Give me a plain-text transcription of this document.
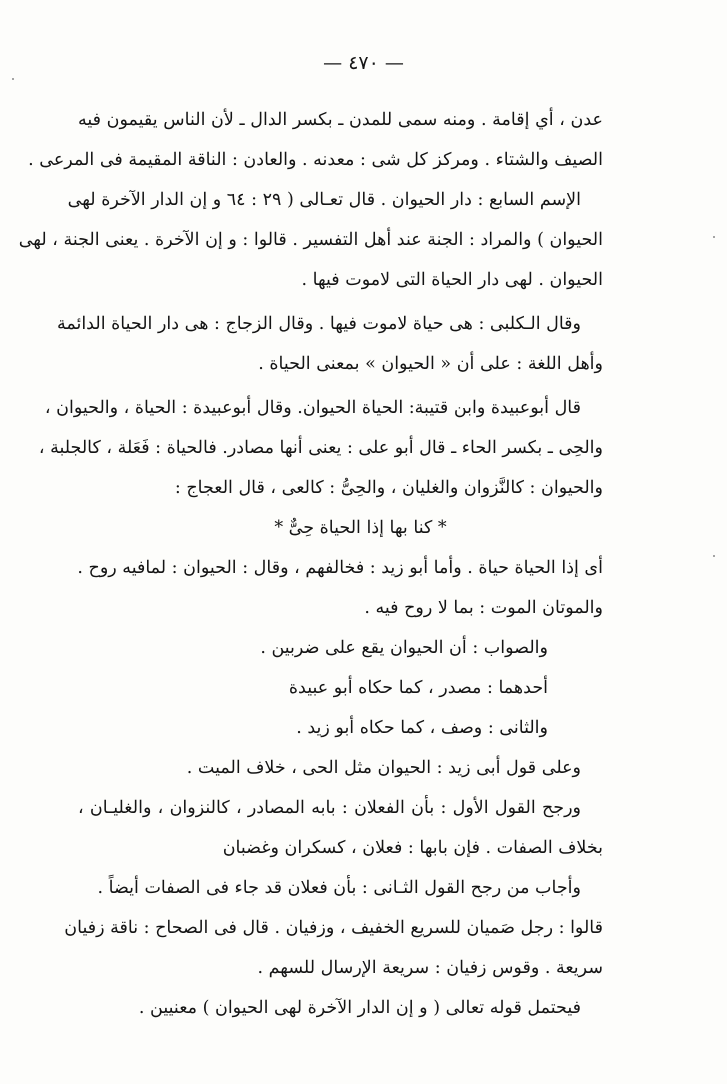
— ٤٧٠ —
عدن ، أي إقامة . ومنه سمى للمدن ـ بكسر الدال ـ لأن الناس يقيمون فيه
الصيف والشتاء . ومركز كل شى : معدنه . والعادن : الناقة المقيمة فى المرعى .
الإسم السابع : دار الحيوان . قال تعـالى ( ٢٩ : ٦٤ و إن الدار الآخرة لهى
الحيوان ) والمراد : الجنة عند أهل التفسير . قالوا : و إن الآخرة . يعنى الجنة ، لهى
الحيوان . لهى دار الحياة التى لاموت فيها .
وقال الـكلبى : هى حياة لاموت فيها . وقال الزجاج : هى دار الحياة الدائمة
وأهل اللغة : على أن « الحيوان » بمعنى الحياة .
قال أبوعبيدة وابن قتيبة: الحياة الحيوان. وقال أبوعبيدة : الحياة ، والحيوان ،
والحِى ـ بكسر الحاء ـ قال أبو على : يعنى أنها مصادر. فالحياة : فَعَلة ، كالجلبة ،
والحيوان : كالنَّزوان والغليان ، والحِىُّ : كالعى ، قال العجاج :
* كنا بها إذا الحياة حِىٌّ *
أى إذا الحياة حياة . وأما أبو زيد : فخالفهم ، وقال : الحيوان : لمافيه روح .
والموتان الموت : بما لا روح فيه .
والصواب : أن الحيوان يقع على ضربين .
أحدهما : مصدر ، كما حكاه أبو عبيدة
والثانى : وصف ، كما حكاه أبو زيد .
وعلى قول أبى زيد : الحيوان مثل الحى ، خلاف الميت .
ورجح القول الأول : بأن الفعلان : بابه المصادر ، كالنزوان ، والغليـان ،
بخلاف الصفات . فإن بابها : فعلان ، كسكران وغضبان
وأجاب من رجح القول الثـانى : بأن فعلان قد جاء فى الصفات أيضاً .
قالوا : رجل صَميان للسريع الخفيف ، وزفيان . قال فى الصحاح : ناقة زفيان
سريعة . وقوس زفيان : سريعة الإرسال للسهم .
فيحتمل قوله تعالى ( و إن الدار الآخرة لهى الحيوان ) معنيين .
